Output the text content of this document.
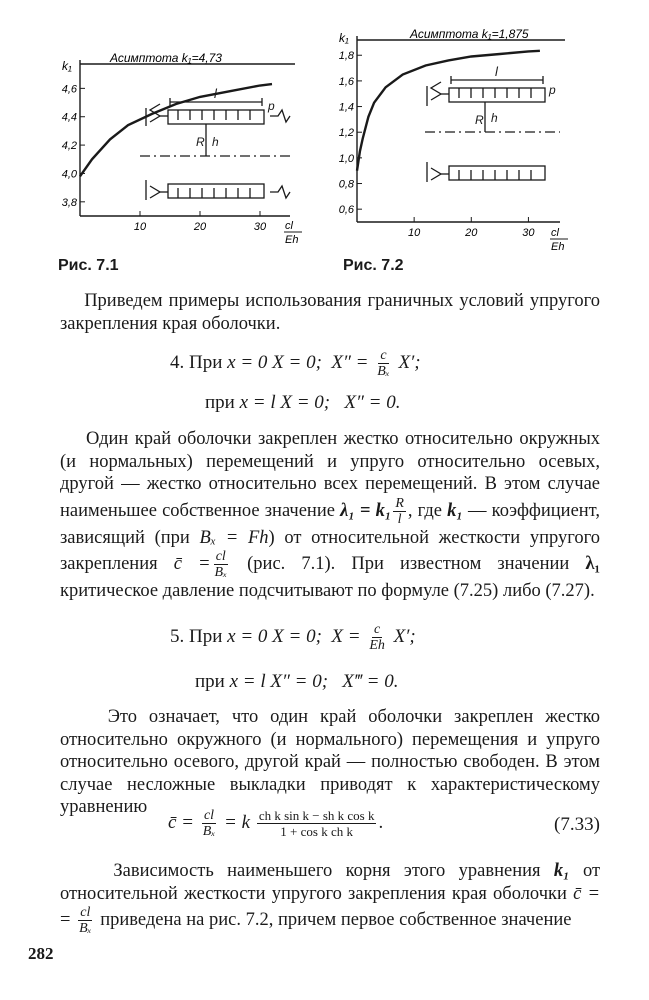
Асимптота k₁=4,73
k₁
3,8
4,0
4,2
4,4
4,6
10	20	30 cl
Eh
l
p
R h
Рис. 7.1
Асимптота k₁=1,875
k₁
0,6
0,8
1,0
1,2
1,4
1,6
1,8
10	20	30 cl
Eh
l
p
R h
Рис. 7.2

Приведем примеры использования граничных условий упругого закрепления края оболочки.

4. При x = 0 X = 0; $X'' = \frac{c}{\text{Bₓ}} X'$;
при x = l X = 0; X″ = 0.

Один край оболочки закреплен жестко относительно окружных (и нормальных) перемещений и упруго относительно осевых, другой — жестко относительно всех перемещений. В этом случае наименьшее собственное значение $\lambda_1 = k_1 \frac{R}{l}$ , где k₁ — коэффициент, зависящий (при Bₓ = Fh) от относительной жесткости упругого закрепления c̄ = $\frac{cl}{\text{Bₓ}} (рис$. 7.1). При известном значении λ₁ критическое давление подсчитывают по формуле (7.25) либо (7.27).

5. При x = 0 X = 0; $X = \frac{c}{Eh} X'$;
при x = l X″ = 0; X‴ = 0.

Это означает, что один край оболочки закреплен жестко относительно окружного (и нормального) перемещения и упруго относительно осевого, другой край — полностью свободен. В этом случае несложные выкладки приводят к характеристическому уравнению

c̄ = $\frac{cl}{\text{Bₓ}} = k \frac{\text{ch k sin k − sh k cos k}}{\text{1 + cos k ch k}}$ .	(7.33)

Зависимость наименьшего корня этого уравнения k₁ от относительной жесткости упругого закрепления края оболочки c̄ = = $\frac{cl}{\text{Bₓ}}$ приведена на рис. 7.2, причем первое собственное значение

282
